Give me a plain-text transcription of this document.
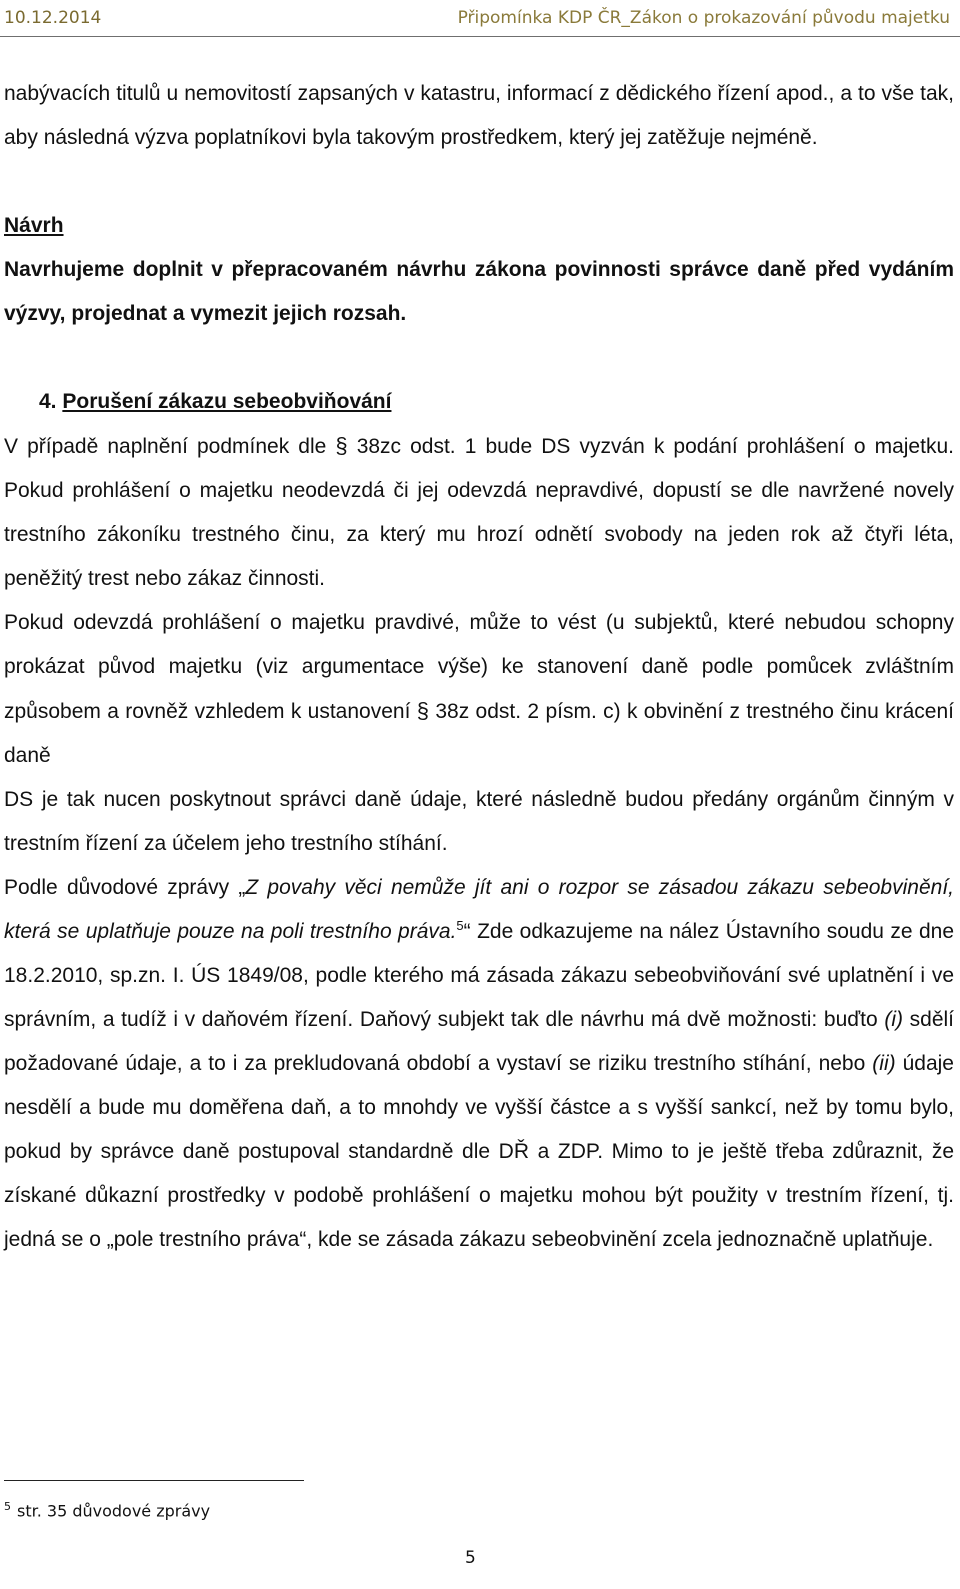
10.12.2014	Připomínka KDP ČR_Zákon o prokazování původu majetku

nabývacích titulů u nemovitostí zapsaných v katastru, informací z dědického řízení apod., a to vše tak, aby následná výzva poplatníkovi byla takovým prostředkem, který jej zatěžuje nejméně.

Návrh

Navrhujeme doplnit v přepracovaném návrhu zákona povinnosti správce daně před vydáním výzvy, projednat a vymezit jejich rozsah.

4. Porušení zákazu sebeobviňování

V případě naplnění podmínek dle § 38zc odst. 1 bude DS vyzván k podání prohlášení o majetku. Pokud prohlášení o majetku neodevzdá či jej odevzdá nepravdivé, dopustí se dle navržené novely trestního zákoníku trestného činu, za který mu hrozí odnětí svobody na jeden rok až čtyři léta, peněžitý trest nebo zákaz činnosti.

Pokud odevzdá prohlášení o majetku pravdivé, může to vést (u subjektů, které nebudou schopny prokázat původ majetku (viz argumentace výše) ke stanovení daně podle pomůcek zvláštním způsobem a rovněž vzhledem k ustanovení § 38z odst. 2 písm. c) k obvinění z trestného činu krácení daně

DS je tak nucen poskytnout správci daně údaje, které následně budou předány orgánům činným v trestním řízení za účelem jeho trestního stíhání.

Podle důvodové zprávy „Z povahy věci nemůže jít ani o rozpor se zásadou zákazu sebeobvinění, která se uplatňuje pouze na poli trestního práva.$^5$“ Zde odkazujeme na nález Ústavního soudu ze dne 18.2.2010, sp.zn. I. ÚS 1849/08, podle kterého má zásada zákazu sebeobviňování své uplatnění i ve správním, a tudíž i v daňovém řízení. Daňový subjekt tak dle návrhu má dvě možnosti: buďto (i) sdělí požadované údaje, a to i za prekludovaná období a vystaví se riziku trestního stíhání, nebo (ii) údaje nesdělí a bude mu doměřena daň, a to mnohdy ve vyšší částce a s vyšší sankcí, než by tomu bylo, pokud by správce daně postupoval standardně dle DŘ a ZDP. Mimo to je ještě třeba zdůraznit, že získané důkazní prostředky v podobě prohlášení o majetku mohou být použity v trestním řízení, tj. jedná se o „pole trestního práva“, kde se zásada zákazu sebeobvinění zcela jednoznačně uplatňuje.

$^5$ str. 35 důvodové zprávy
5
